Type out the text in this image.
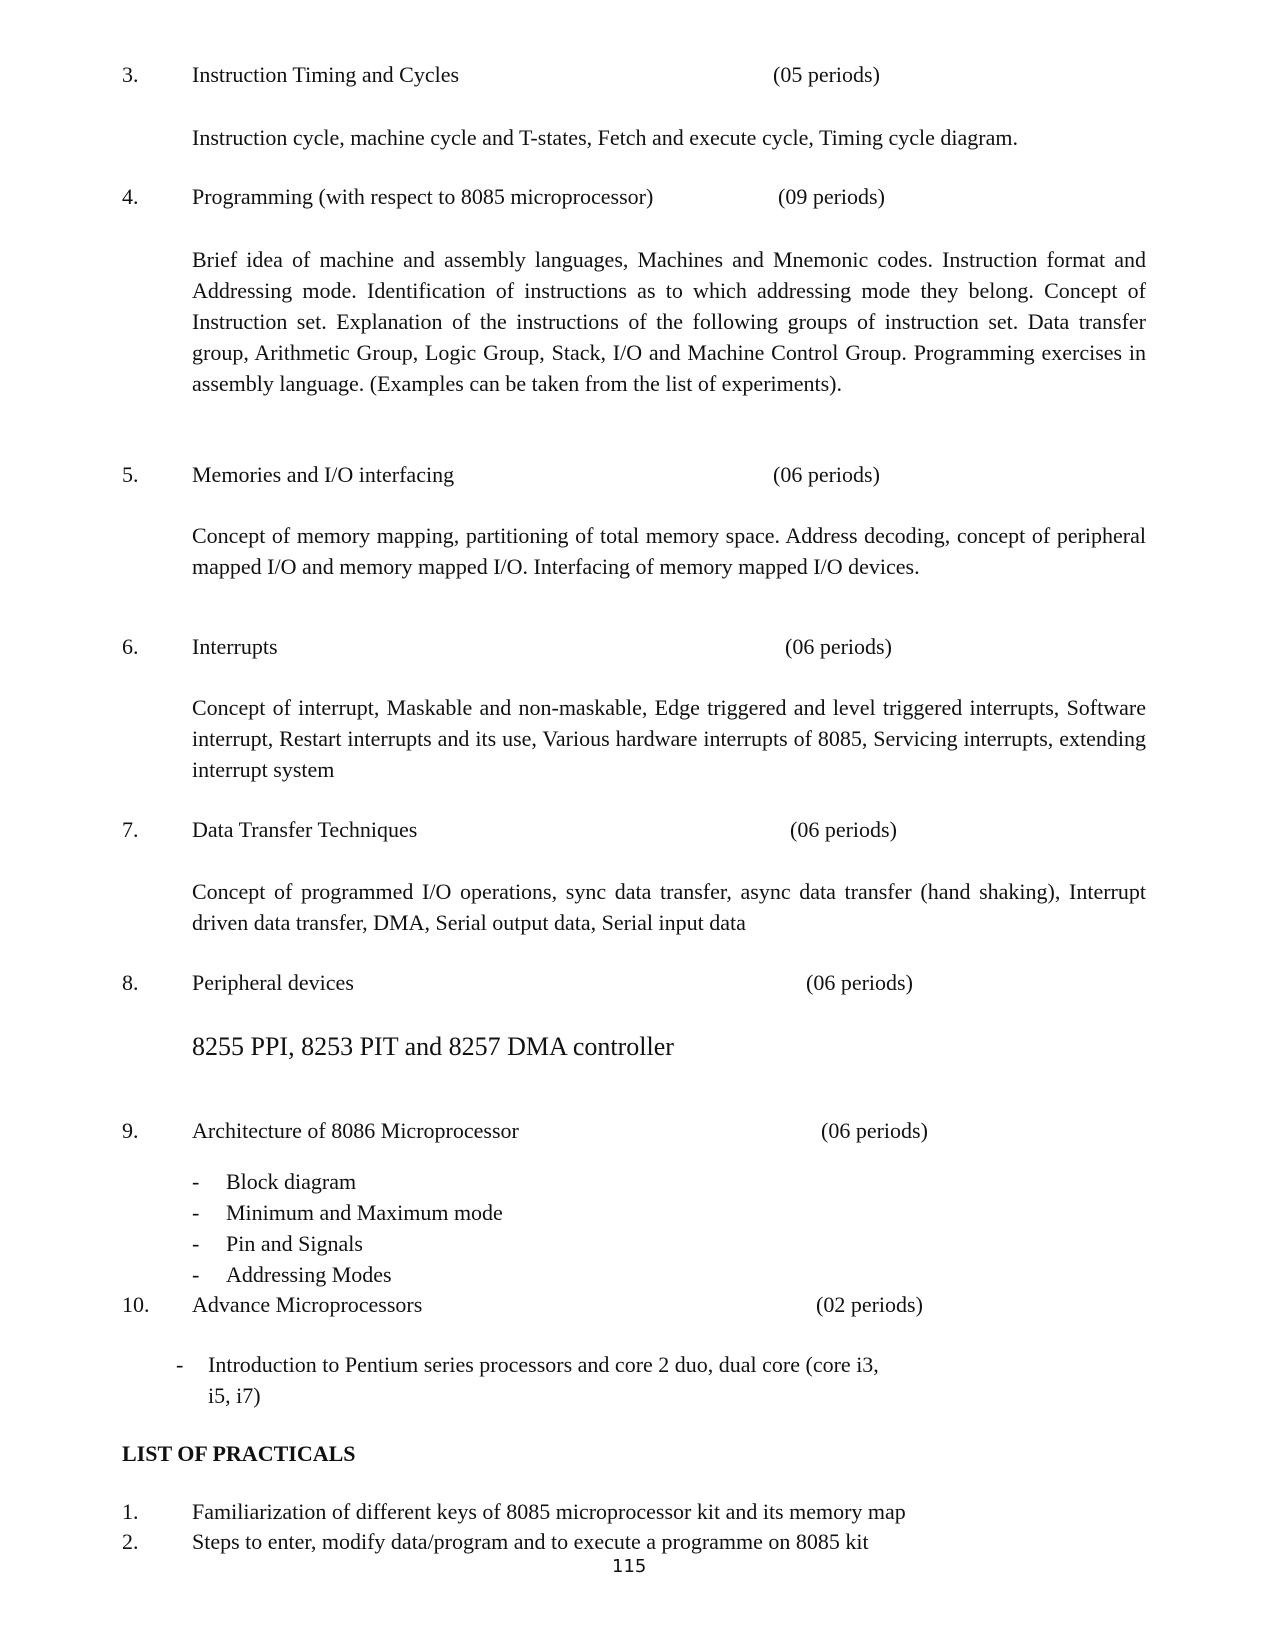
3. Instruction Timing and Cycles	(05 periods)
Instruction cycle, machine cycle and T-states, Fetch and execute cycle, Timing cycle diagram.
4. Programming (with respect to 8085 microprocessor)	(09 periods)
Brief idea of machine and assembly languages, Machines and Mnemonic codes. Instruction format and Addressing mode. Identification of instructions as to which addressing mode they belong. Concept of Instruction set. Explanation of the instructions of the following groups of instruction set. Data transfer group, Arithmetic Group, Logic Group, Stack, I/O and Machine Control Group. Programming exercises in assembly language. (Examples can be taken from the list of experiments).
5. Memories and I/O interfacing	(06 periods)
Concept of memory mapping, partitioning of total memory space. Address decoding, concept of peripheral mapped I/O and memory mapped I/O. Interfacing of memory mapped I/O devices.
6. Interrupts	(06 periods)
Concept of interrupt, Maskable and non-maskable, Edge triggered and level triggered interrupts, Software interrupt, Restart interrupts and its use, Various hardware interrupts of 8085, Servicing interrupts, extending interrupt system
7. Data Transfer Techniques	(06 periods)
Concept of programmed I/O operations, sync data transfer, async data transfer (hand shaking), Interrupt driven data transfer, DMA, Serial output data, Serial input data
8. Peripheral devices	(06 periods)
8255 PPI, 8253 PIT and 8257 DMA controller
9. Architecture of 8086 Microprocessor	(06 periods)
- Block diagram
- Minimum and Maximum mode
- Pin and Signals
- Addressing Modes
10. Advance Microprocessors	(02 periods)
- Introduction to Pentium series processors and core 2 duo, dual core (core i3,
i5, i7)
LIST OF PRACTICALS
1. Familiarization of different keys of 8085 microprocessor kit and its memory map
2. Steps to enter, modify data/program and to execute a programme on 8085 kit
115
